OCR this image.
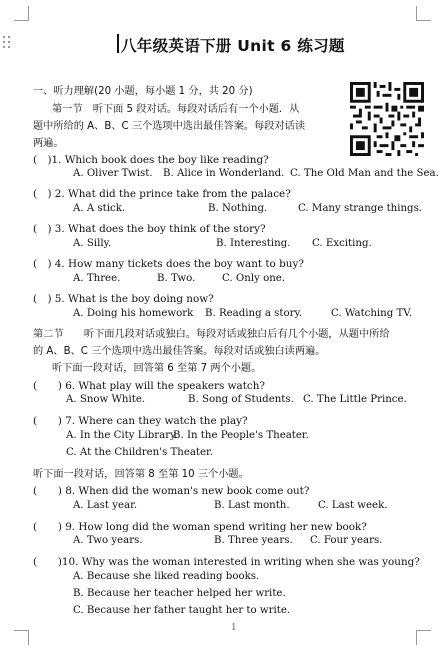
八年级英语下册 Unit 6 练习题
一、听力理解(20 小题，每小题 1 分，共 20 分)
第一节　听下面 5 段对话。每段对话后有一个小题．从
题中所给的 A、B、C 三个选项中选出最佳答案。每段对话读
两遍。
(　)1. Which book does the boy like reading?
A. Oliver Twist. B. Alice in Wonderland. C. The Old Man and the Sea.
(　) 2. What did the prince take from the palace?
A. A stick.	B. Nothing.	C. Many strange things.
(　) 3. What does the boy think of the story?
A. Silly.	B. Interesting. C. Exciting.
(　) 4. How many tickets does the boy want to buy?
A. Three.	B. Two.	C. Only one.
(　) 5. What is the boy doing now?
A. Doing his homework B. Reading a story.	C. Watching TV.
第二节　　听下面几段对话或独白。每段对话或独白后有几个小题，从题中所给
的 A、B、C 三个选项中选出最佳答案。每段对话或独白读两遍。
听下面一段对话，回答第 6 至第 7 两个小题。
(　　) 6. What play will the speakers watch?
A. Snow White.	B. Song of Students. C. The Little Prince.
(　　) 7. Where can they watch the play?
A. In the City Library.
B. In the People's Theater.
C. At the Children's Theater.
听下面一段对话，回答第 8 至第 10 三个小题。
(　　) 8. When did the woman's new book come out?
A. Last year.	B. Last month.	C. Last week.
(　　) 9. How long did the woman spend writing her new book?
A. Two years.	B. Three years. C. Four years.
(　　)10. Why was the woman interested in writing when she was young?
A. Because she liked reading books.
B. Because her teacher helped her write.
C. Because her father taught her to write.
1
